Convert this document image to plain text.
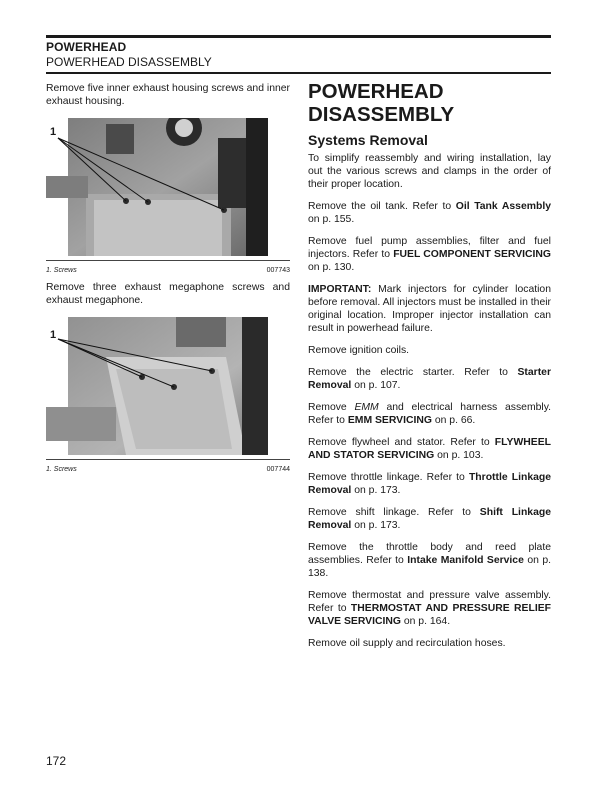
POWERHEAD
POWERHEAD DISASSEMBLY

Remove five inner exhaust housing screws and inner exhaust housing.

1
1. Screws	007743

Remove three exhaust megaphone screws and exhaust megaphone.

1
1. Screws	007744
POWERHEAD
DISASSEMBLY
Systems Removal

To simplify reassembly and wiring installation, lay out the various screws and clamps in the order of their proper location.

Remove the oil tank. Refer to Oil Tank Assembly on p. 155.

Remove fuel pump assemblies, filter and fuel injectors. Refer to FUEL COMPONENT SERVICING on p. 130.

IMPORTANT: Mark injectors for cylinder location before removal. All injectors must be installed in their original location. Improper injector installation can result in powerhead failure.

Remove ignition coils.

Remove the electric starter. Refer to Starter Removal on p. 107.

Remove EMM and electrical harness assembly. Refer to EMM SERVICING on p. 66.

Remove flywheel and stator. Refer to FLYWHEEL AND STATOR SERVICING on p. 103.

Remove throttle linkage. Refer to Throttle Linkage Removal on p. 173.

Remove shift linkage. Refer to Shift Linkage Removal on p. 173.

Remove the throttle body and reed plate assemblies. Refer to Intake Manifold Service on p. 138.

Remove thermostat and pressure valve assembly. Refer to THERMOSTAT AND PRESSURE RELIEF VALVE SERVICING on p. 164.

Remove oil supply and recirculation hoses.

172
